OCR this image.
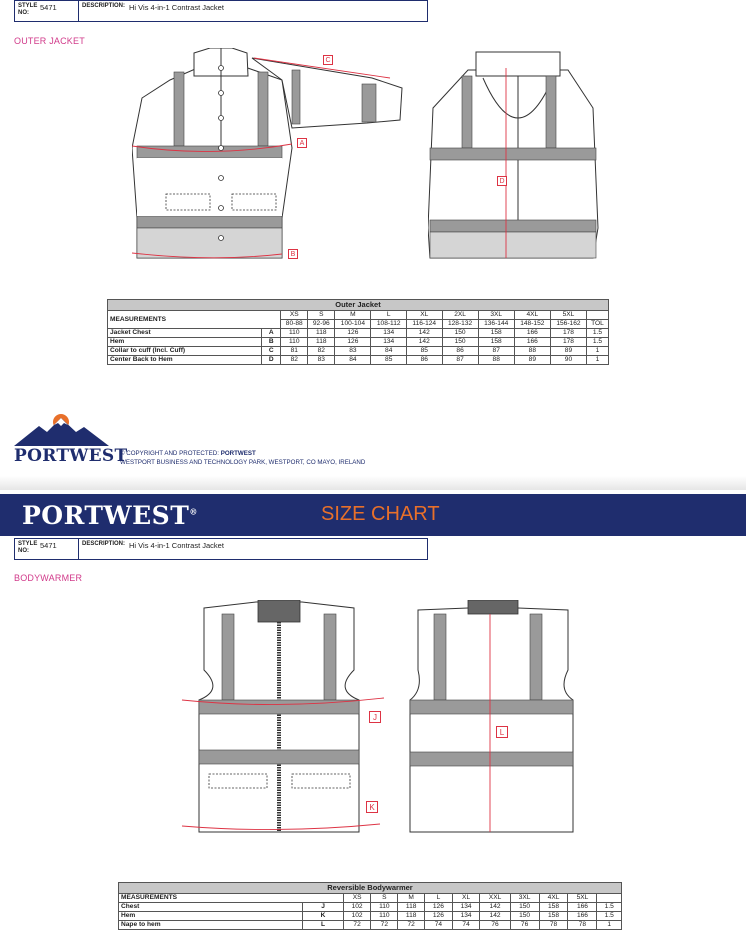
STYLE NO:
5471	DESCRIPTION: Hi Vis 4-in-1 Contrast Jacket
OUTER JACKET
A
B
C
D
Outer Jacket											
MEASUREMENTS		XS	S	M	L	XL	2XL	3XL	4XL	5XL	
		80-88	92-96	100-104	108-112	116-124	128-132	136-144	148-152	156-162	TOL
Jacket Chest	A	110	118	126	134	142	150	158	166	178	1.5
Hem	B	110	118	126	134	142	150	158	166	178	1.5
Collar to cuff (Incl. Cuff)	C	81	82	83	84	85	86	87	88	89	1
Center Back to Hem	D	82	83	84	85	86	87	88	89	90	1
PORTWEST
© COPYRIGHT AND PROTECTED: PORTWEST
WESTPORT BUSINESS AND TECHNOLOGY PARK, WESTPORT, CO MAYO, IRELAND
PORTWEST®	SIZE CHART
STYLE NO:
5471	DESCRIPTION: Hi Vis 4-in-1 Contrast Jacket
BODYWARMER
J
K
L
Reversible Bodywarmer											
MEASUREMENTS		XS	S	M	L	XL	XXL	3XL	4XL	5XL	
Chest	J	102	110	118	126	134	142	150	158	166	1.5
Hem	K	102	110	118	126	134	142	150	158	166	1.5
Nape to hem	L	72	72	72	74	74	76	76	78	78	1
